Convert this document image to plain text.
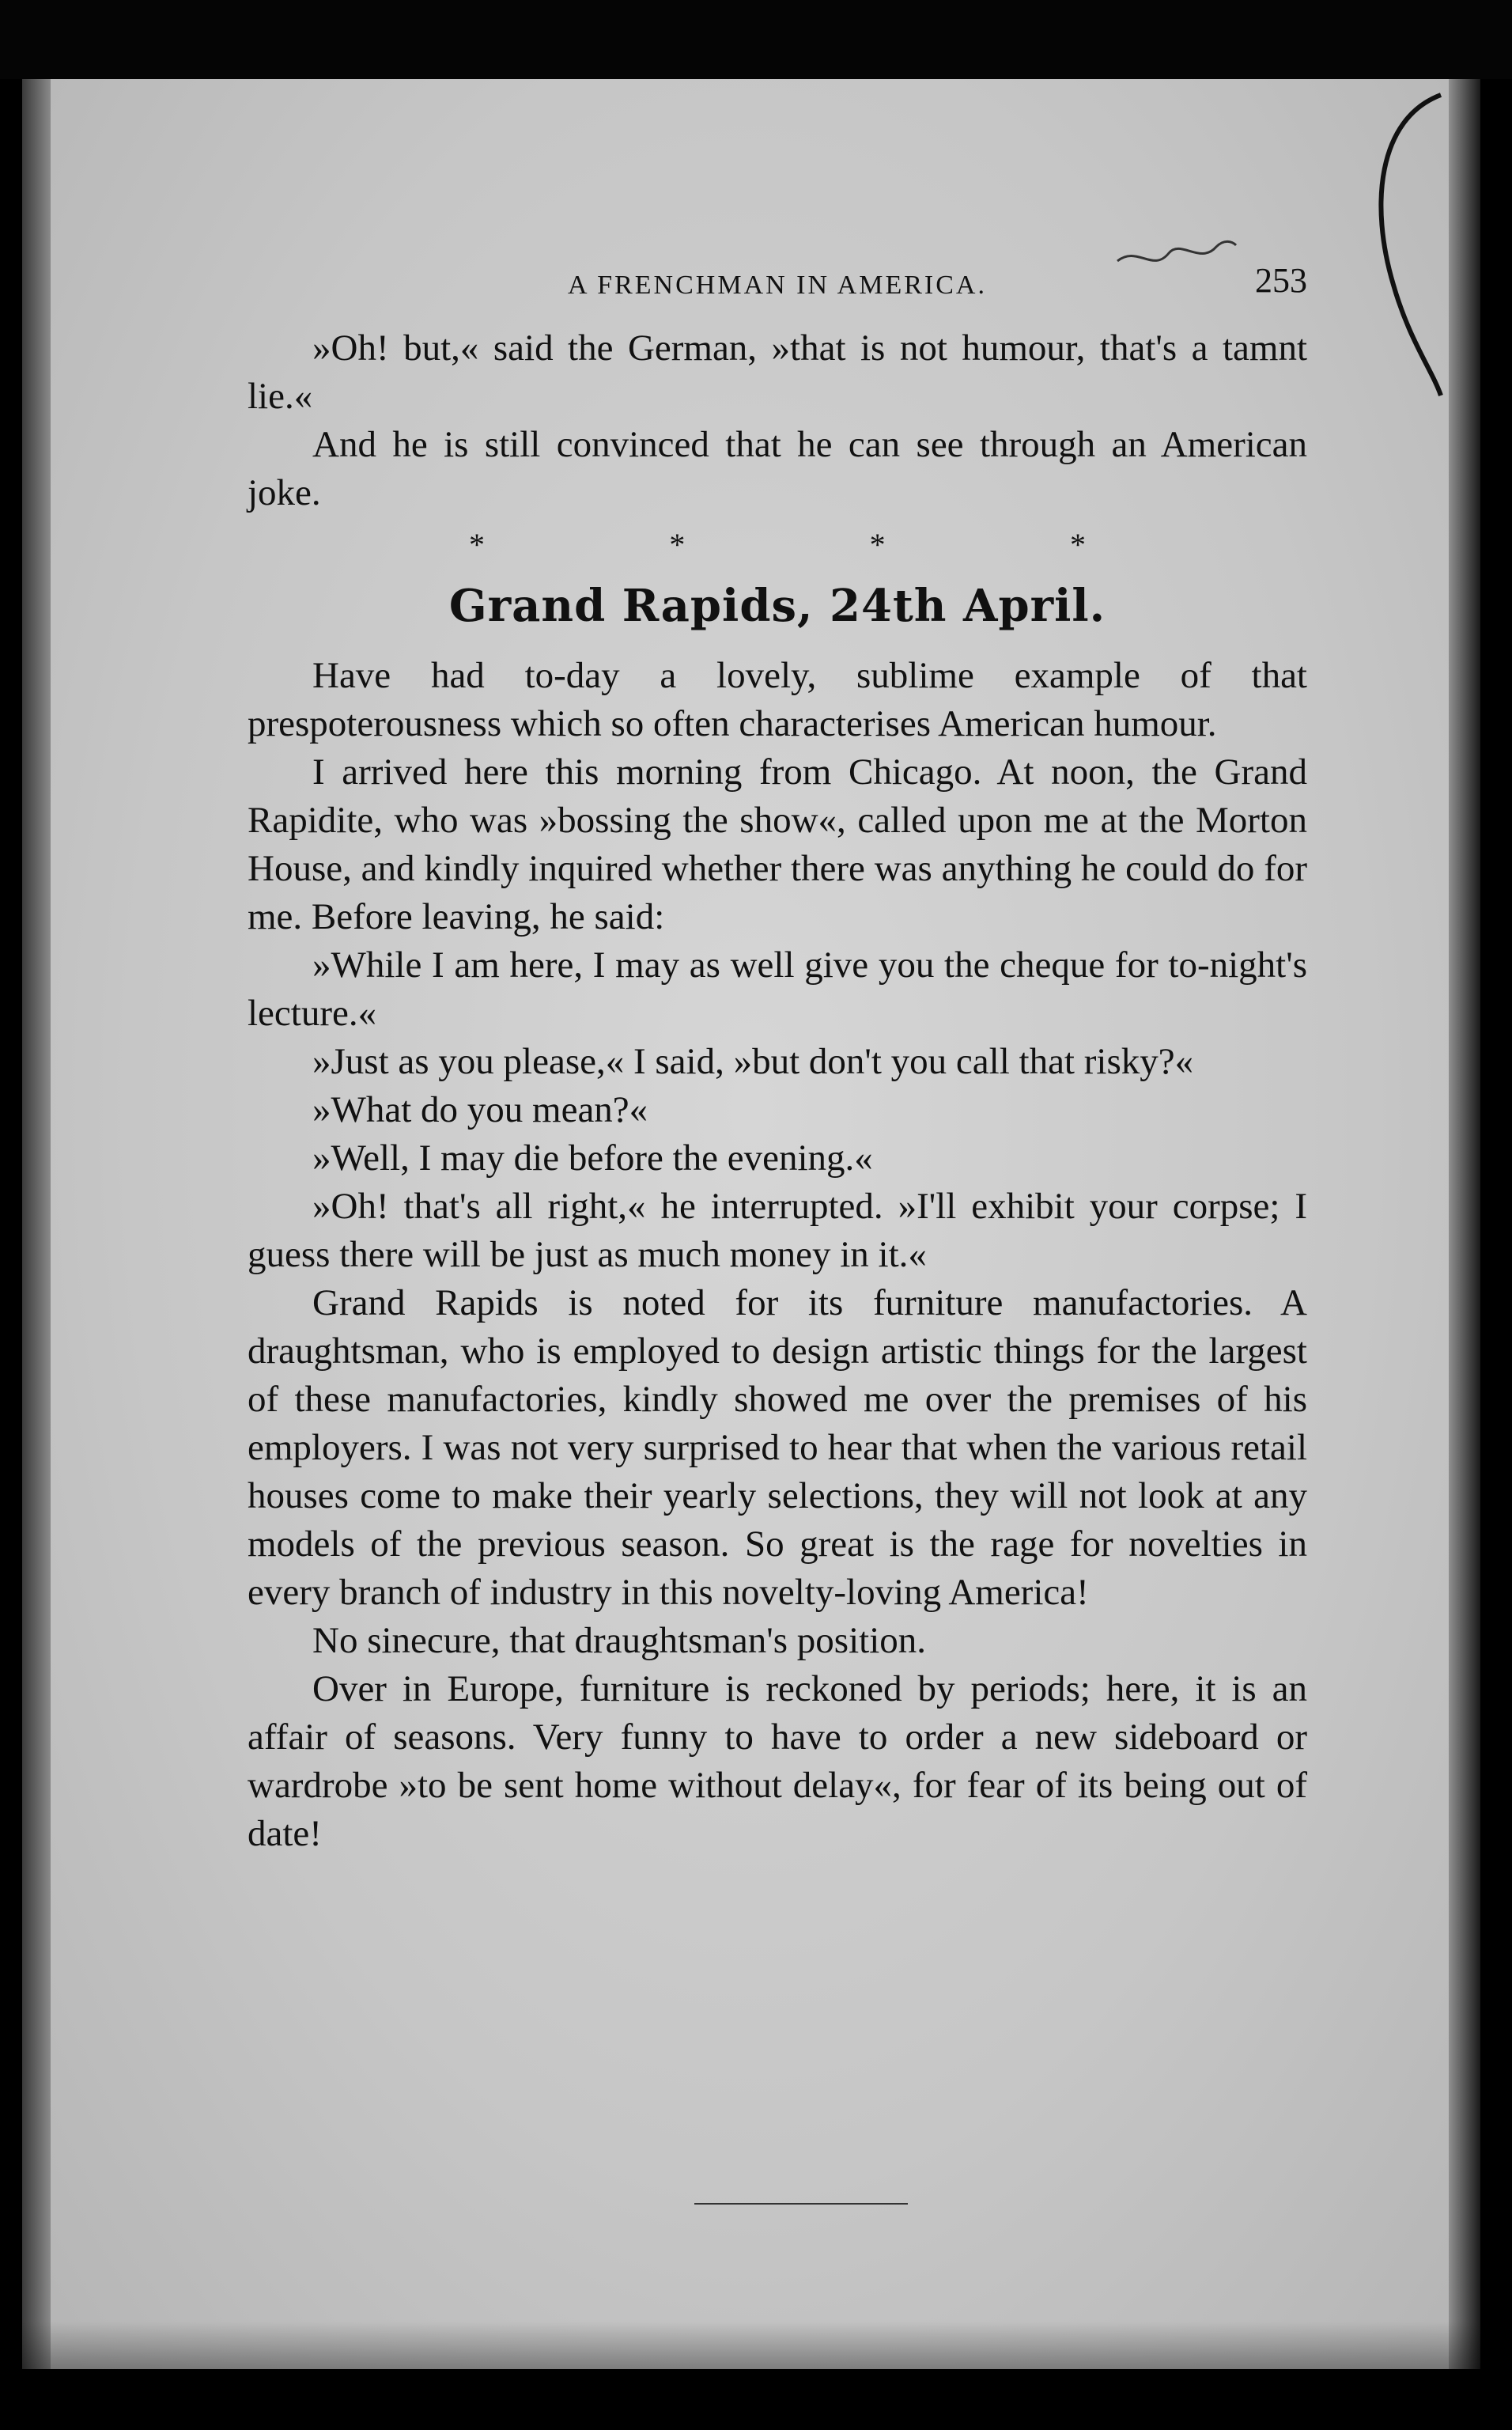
A FRENCHMAN IN AMERICA.	253

»Oh! but,« said the German, »that is not humour, that's a tamnt lie.«

And he is still convinced that he can see through an American joke.

*	*	*	*
Grand Rapids, 24th April.

Have had to-day a lovely, sublime example of that prespoterousness which so often characterises American humour.

I arrived here this morning from Chicago. At noon, the Grand Rapidite, who was »bossing the show«, called upon me at the Morton House, and kindly inquired whether there was anything he could do for me. Before leaving, he said:

»While I am here, I may as well give you the cheque for to-night's lecture.«

»Just as you please,« I said, »but don't you call that risky?«

»What do you mean?«

»Well, I may die before the evening.«

»Oh! that's all right,« he interrupted. »I'll exhibit your corpse; I guess there will be just as much money in it.«

Grand Rapids is noted for its furniture manufactories. A draughtsman, who is employed to design artistic things for the largest of these manufactories, kindly showed me over the premises of his employers. I was not very surprised to hear that when the various retail houses come to make their yearly selections, they will not look at any models of the previous season. So great is the rage for novelties in every branch of industry in this novelty-loving America!

No sinecure, that draughtsman's position.

Over in Europe, furniture is reckoned by periods; here, it is an affair of seasons. Very funny to have to order a new sideboard or wardrobe »to be sent home without delay«, for fear of its being out of date!
